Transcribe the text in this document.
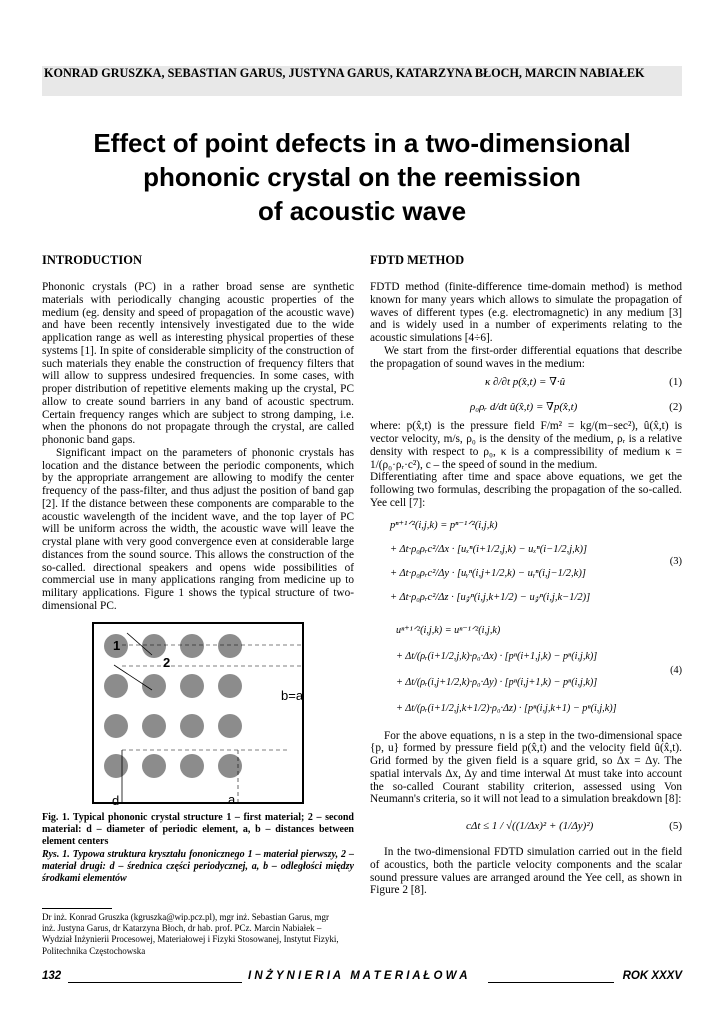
KONRAD GRUSZKA, SEBASTIAN GARUS, JUSTYNA GARUS, KATARZYNA BŁOCH, MARCIN NABIAŁEK
Effect of point defects in a two-dimensional
phononic crystal on the reemission
of acoustic wave
INTRODUCTION
Phononic crystals (PC) in a rather broad sense are synthetic materials with periodically changing acoustic properties of the medium (eg. density and speed of propagation of the acoustic wave) and have been recently intensively investigated due to the wide application range as well as interesting physical properties of these systems [1]. In spite of considerable simplicity of the construction of such materials they enable the construction of frequency filters that will allow to suppress undesired frequencies. In some cases, with proper distribution of repetitive elements making up the crystal, PC allow to create sound barriers in any band of acoustic spectrum. Certain frequency ranges which are subject to strong damping, i.e. when the phonons do not propagate through the crystal, are called phononic band gaps.
Significant impact on the parameters of phononic crystals has location and the distance between the periodic components, which by the appropriate arrangement are allowing to modify the center frequency of the pass-filter, and thus adjust the position of band gap [2]. If the distance between these components are comparable to the acoustic wavelength of the incident wave, and the top layer of PC will be uniform across the width, the acoustic wave will leave the crystal plane with very good convergence even at considerable large distances from the sound source. This allows the construction of the so-called. directional speakers and opens wide possibilities of commercial use in many applications ranging from medicine up to military applications. Figure 1 shows the typical structure of two-dimensional PC.
1
2
b=a
d	a
Fig. 1. Typical phononic crystal structure 1 – first material; 2 – second material: d – diameter of periodic element, a, b – distances between element centers
Rys. 1. Typowa struktura kryształu fononicznego 1 – materiał pierwszy, 2 – materiał drugi: d – średnica części periodycznej, a, b – odległości między środkami elementów
Dr inż. Konrad Gruszka (kgruszka@wip.pcz.pl), mgr inż. Sebastian Garus, mgr
inż. Justyna Garus, dr Katarzyna Błoch, dr hab. prof. PCz. Marcin Nabiałek –
Wydział Inżynierii Procesowej, Materiałowej i Fizyki Stosowanej, Instytut Fizyki,
Politechnika Częstochowska
FDTD METHOD
FDTD method (finite-difference time-domain method) is method known for many years which allows to simulate the propagation of waves of different types (e.g. electromagnetic) in any medium [3] and is widely used in a number of experiments relating to the acoustic simulations [4÷6].
We start from the first-order differential equations that describe the propagation of sound waves in the medium:
κ ∂/∂t p(x̂,t) = ∇·û	(1)
ρ₀ρᵣ d/dt û(x̂,t) = ∇p(x̂,t)	(2)
where: p(x̂,t) is the pressure field F/m² = kg/(m−sec²), û(x̂,t) is vector velocity, m/s, ρ₀ is the density of the medium, ρᵣ is a relative density with respect to ρ₀, κ is a compressibility of medium κ = 1/(ρ₀·ρᵣ·c²), c – the speed of sound in the medium.
Differentiating after time and space above equations, we get the following two formulas, describing the propagation of the so-called. Yee cell [7]:
pⁿ⁺¹ᐟ²(i,j,k) = pⁿ⁻¹ᐟ²(i,j,k)
+ Δt·ρ₀ρᵣc²/Δx · [uₓⁿ(i+1/2,j,k) − uₓⁿ(i−1/2,j,k)]
+ Δt·ρ₀ρᵣc²/Δy · [uᵧⁿ(i,j+1/2,k) − uᵧⁿ(i,j−1/2,k)]
+ Δt·ρ₀ρᵣc²/Δz · [u𝓏ⁿ(i,j,k+1/2) − u𝓏ⁿ(i,j,k−1/2)]
(3)
uⁿ⁺¹ᐟ²(i,j,k) = uⁿ⁻¹ᐟ²(i,j,k)
+ Δt/(ρᵣ(i+1/2,j,k)·ρ₀·Δx) · [pⁿ(i+1,j,k) − pⁿ(i,j,k)]
+ Δt/(ρᵣ(i,j+1/2,k)·ρ₀·Δy) · [pⁿ(i,j+1,k) − pⁿ(i,j,k)]
+ Δt/(ρᵣ(i+1/2,j,k+1/2)·ρ₀·Δz) · [pⁿ(i,j,k+1) − pⁿ(i,j,k)]
(4)
For the above equations, n is a step in the two-dimensional space {p, u} formed by pressure field p(x̂,t) and the velocity field û(x̂,t). Grid formed by the given field is a square grid, so Δx = Δy. The spatial intervals Δx, Δy and time interwal Δt must take into account the so-called Courant stability criterion, assessed using Von Neumann's criteria, so it will not lead to a simulation breakdown [8]:
cΔt ≤ 1 / √((1/Δx)² + (1/Δy)²)	(5)
In the two-dimensional FDTD simulation carried out in the field of acoustics, both the particle velocity components and the scalar sound pressure values are arranged around the Yee cell, as shown in Figure 2 [8].
132	I N Ż Y N I E R I A   M A T E R I A Ł O W A	ROK XXXV
